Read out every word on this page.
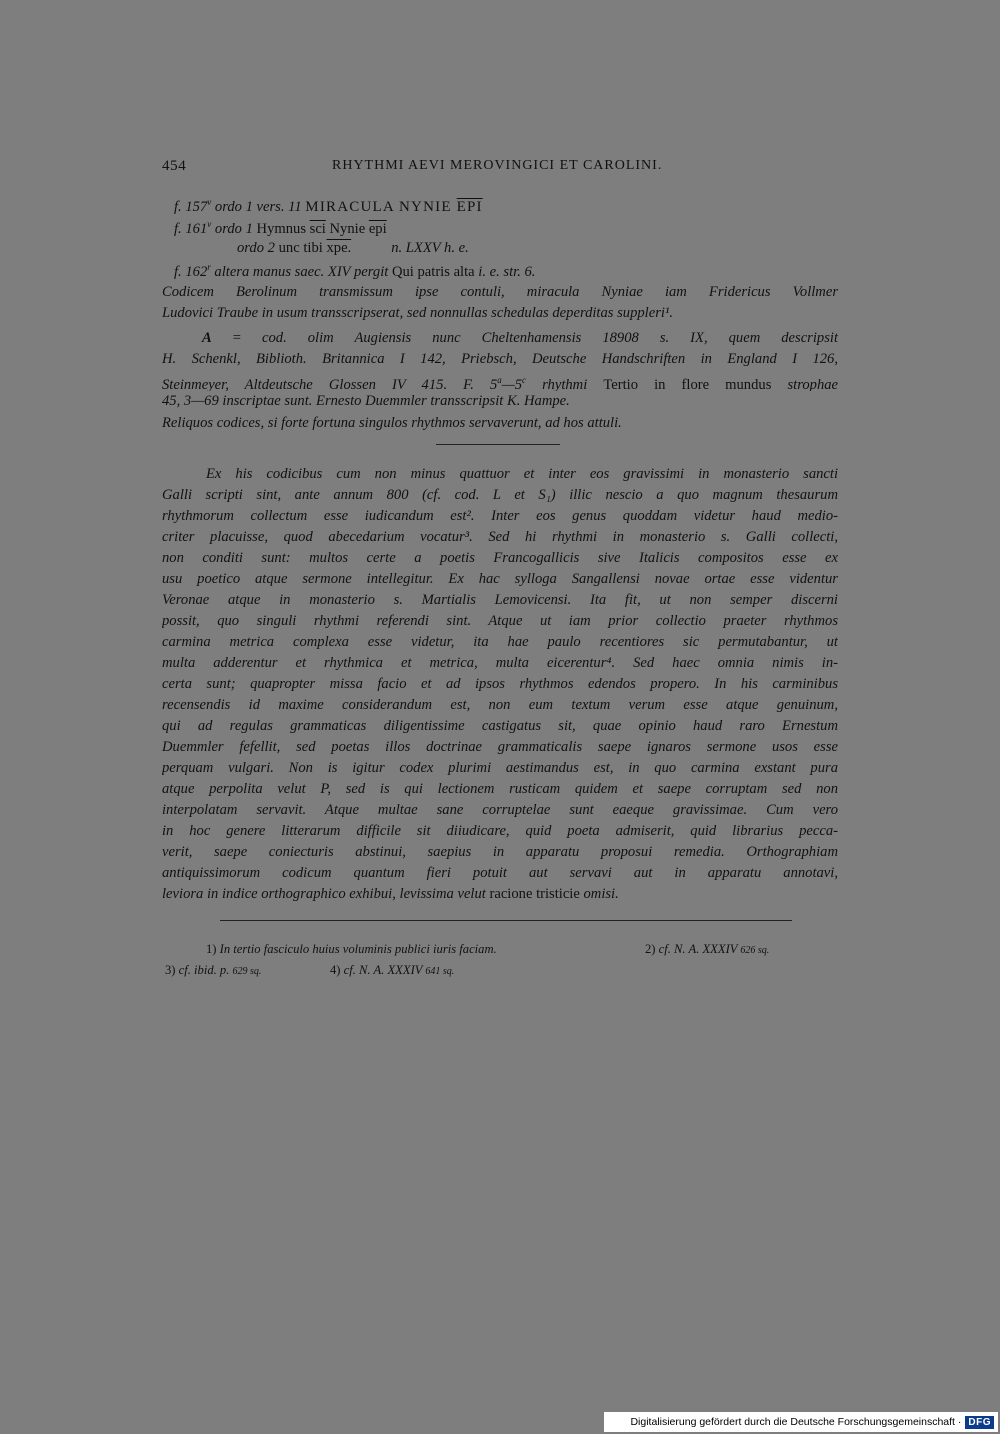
454	RHYTHMI AEVI MEROVINGICI ET CAROLINI.
f. 157$^v$ ordo 1 vers. 11 MIRACULA NYNIE $\overline{EPI}$
f. 161$^v$ ordo 1 Hymnus $\overline{sci}$ Nynie $\overline{epi}$
ordo 2 unc tibi xpe.	n. LXXV h. e.
f. 162$^r$ altera manus saec. XIV pergit Qui patris alta i. e. str. 6.
Codicem Berolinum transmissum ipse contuli, miracula Nyniae iam Fridericus Vollmer
Ludovici Traube in usum transscripserat, sed nonnullas schedulas deperditas suppleri¹.
A = cod. olim Augiensis nunc Cheltenhamensis 18908 s. IX, quem descripsit
H. Schenkl, Biblioth. Britannica I 142, Priebsch, Deutsche Handschriften in England I 126,
Steinmeyer, Altdeutsche Glossen IV 415. F. 5$^a$—5$^c$ rhythmi Tertio in flore mundus strophae
45, 3—69 inscriptae sunt. Ernesto Duemmler transscripsit K. Hampe.
Reliquos codices, si forte fortuna singulos rhythmos servaverunt, ad hos attuli.
Ex his codicibus cum non minus quattuor et inter eos gravissimi in monasterio sancti
Galli scripti sint, ante annum 800 (cf. cod. L et S₁) illic nescio a quo magnum thesaurum
rhythmorum collectum esse iudicandum est². Inter eos genus quoddam videtur haud medio-
criter placuisse, quod abecedarium vocatur³. Sed hi rhythmi in monasterio s. Galli collecti,
non conditi sunt: multos certe a poetis Francogallicis sive Italicis compositos esse ex
usu poetico atque sermone intellegitur. Ex hac sylloga Sangallensi novae ortae esse videntur
Veronae atque in monasterio s. Martialis Lemovicensi. Ita fit, ut non semper discerni
possit, quo singuli rhythmi referendi sint. Atque ut iam prior collectio praeter rhythmos
carmina metrica complexa esse videtur, ita hae paulo recentiores sic permutabantur, ut
multa adderentur et rhythmica et metrica, multa eicerentur⁴. Sed haec omnia nimis in-
certa sunt; quapropter missa facio et ad ipsos rhythmos edendos propero. In his carminibus
recensendis id maxime considerandum est, non eum textum verum esse atque genuinum,
qui ad regulas grammaticas diligentissime castigatus sit, quae opinio haud raro Ernestum
Duemmler fefellit, sed poetas illos doctrinae grammaticalis saepe ignaros sermone usos esse
perquam vulgari. Non is igitur codex plurimi aestimandus est, in quo carmina exstant pura
atque perpolita velut P, sed is qui lectionem rusticam quidem et saepe corruptam sed non
interpolatam servavit. Atque multae sane corruptelae sunt eaeque gravissimae. Cum vero
in hoc genere litterarum difficile sit diiudicare, quid poeta admiserit, quid librarius pecca-
verit, saepe coniecturis abstinui, saepius in apparatu proposui remedia. Orthographiam
antiquissimorum codicum quantum fieri potuit aut servavi aut in apparatu annotavi,
leviora in indice orthographico exhibui, levissima velut racione tristicie omisi.
1) In tertio fasciculo huius voluminis publici iuris faciam.	2) cf. N. A. XXXIV 626 sq.
3) cf. ibid. p. 629 sq.	4) cf. N. A. XXXIV 641 sq.
Digitalisierung gefördert durch die Deutsche Forschungsgemeinschaft · DFG
